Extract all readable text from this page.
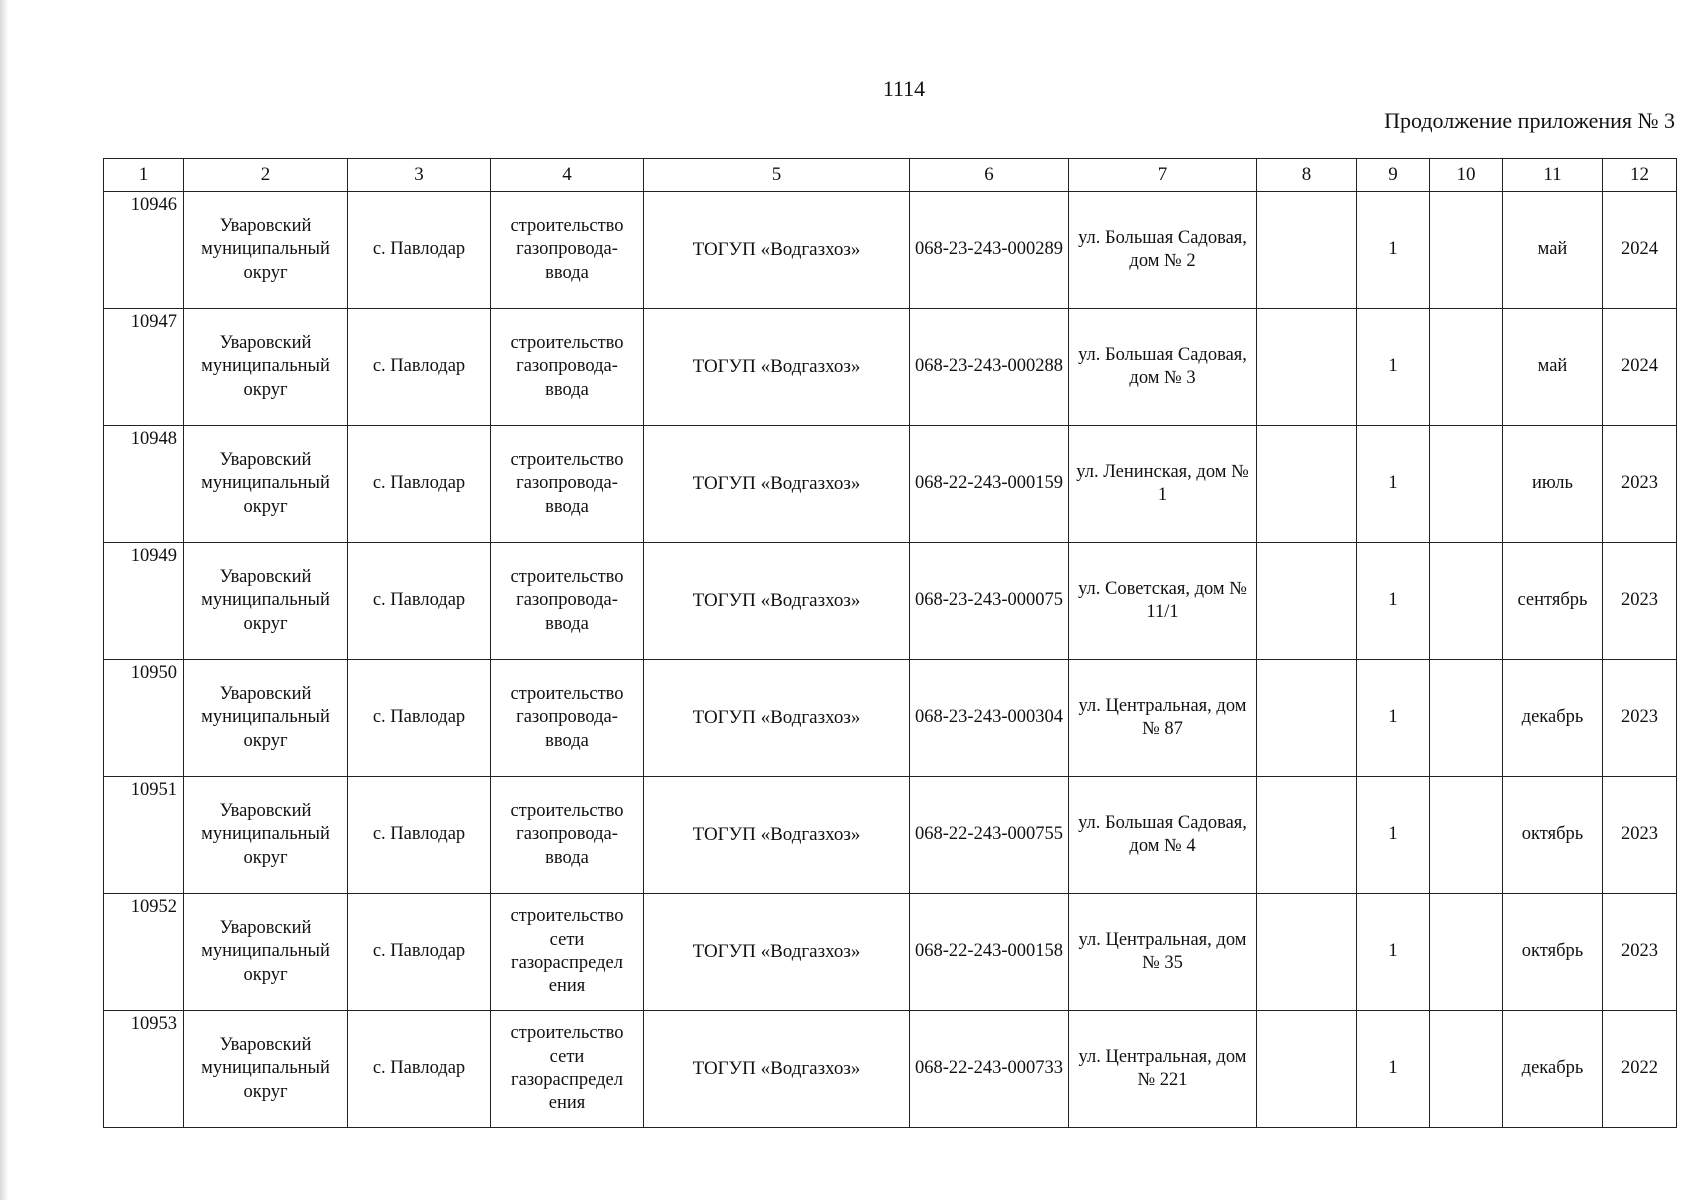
1114
Продолжение приложения № 3
1	2	3	4	5	6	7	8	9	10	11	12
10946	Уваровский муниципальный округ	с. Павлодар	строительство газопровода-ввода	ТОГУП «Водгазхоз»	068-23-243-000289	ул. Большая Садовая, дом № 2		1		май	2024
10947	Уваровский муниципальный округ	с. Павлодар	строительство газопровода-ввода	ТОГУП «Водгазхоз»	068-23-243-000288	ул. Большая Садовая, дом № 3		1		май	2024
10948	Уваровский муниципальный округ	с. Павлодар	строительство газопровода-ввода	ТОГУП «Водгазхоз»	068-22-243-000159	ул. Ленинская, дом № 1		1		июль	2023
10949	Уваровский муниципальный округ	с. Павлодар	строительство газопровода-ввода	ТОГУП «Водгазхоз»	068-23-243-000075	ул. Советская, дом № 11/1		1		сентябрь	2023
10950	Уваровский муниципальный округ	с. Павлодар	строительство газопровода-ввода	ТОГУП «Водгазхоз»	068-23-243-000304	ул. Центральная, дом № 87		1		декабрь	2023
10951	Уваровский муниципальный округ	с. Павлодар	строительство газопровода-ввода	ТОГУП «Водгазхоз»	068-22-243-000755	ул. Большая Садовая, дом № 4		1		октябрь	2023
10952	Уваровский муниципальный округ	с. Павлодар	строительство сети газораспредел ения	ТОГУП «Водгазхоз»	068-22-243-000158	ул. Центральная, дом № 35		1		октябрь	2023
10953	Уваровский муниципальный округ	с. Павлодар	строительство сети газораспредел ения	ТОГУП «Водгазхоз»	068-22-243-000733	ул. Центральная, дом № 221		1		декабрь	2022
